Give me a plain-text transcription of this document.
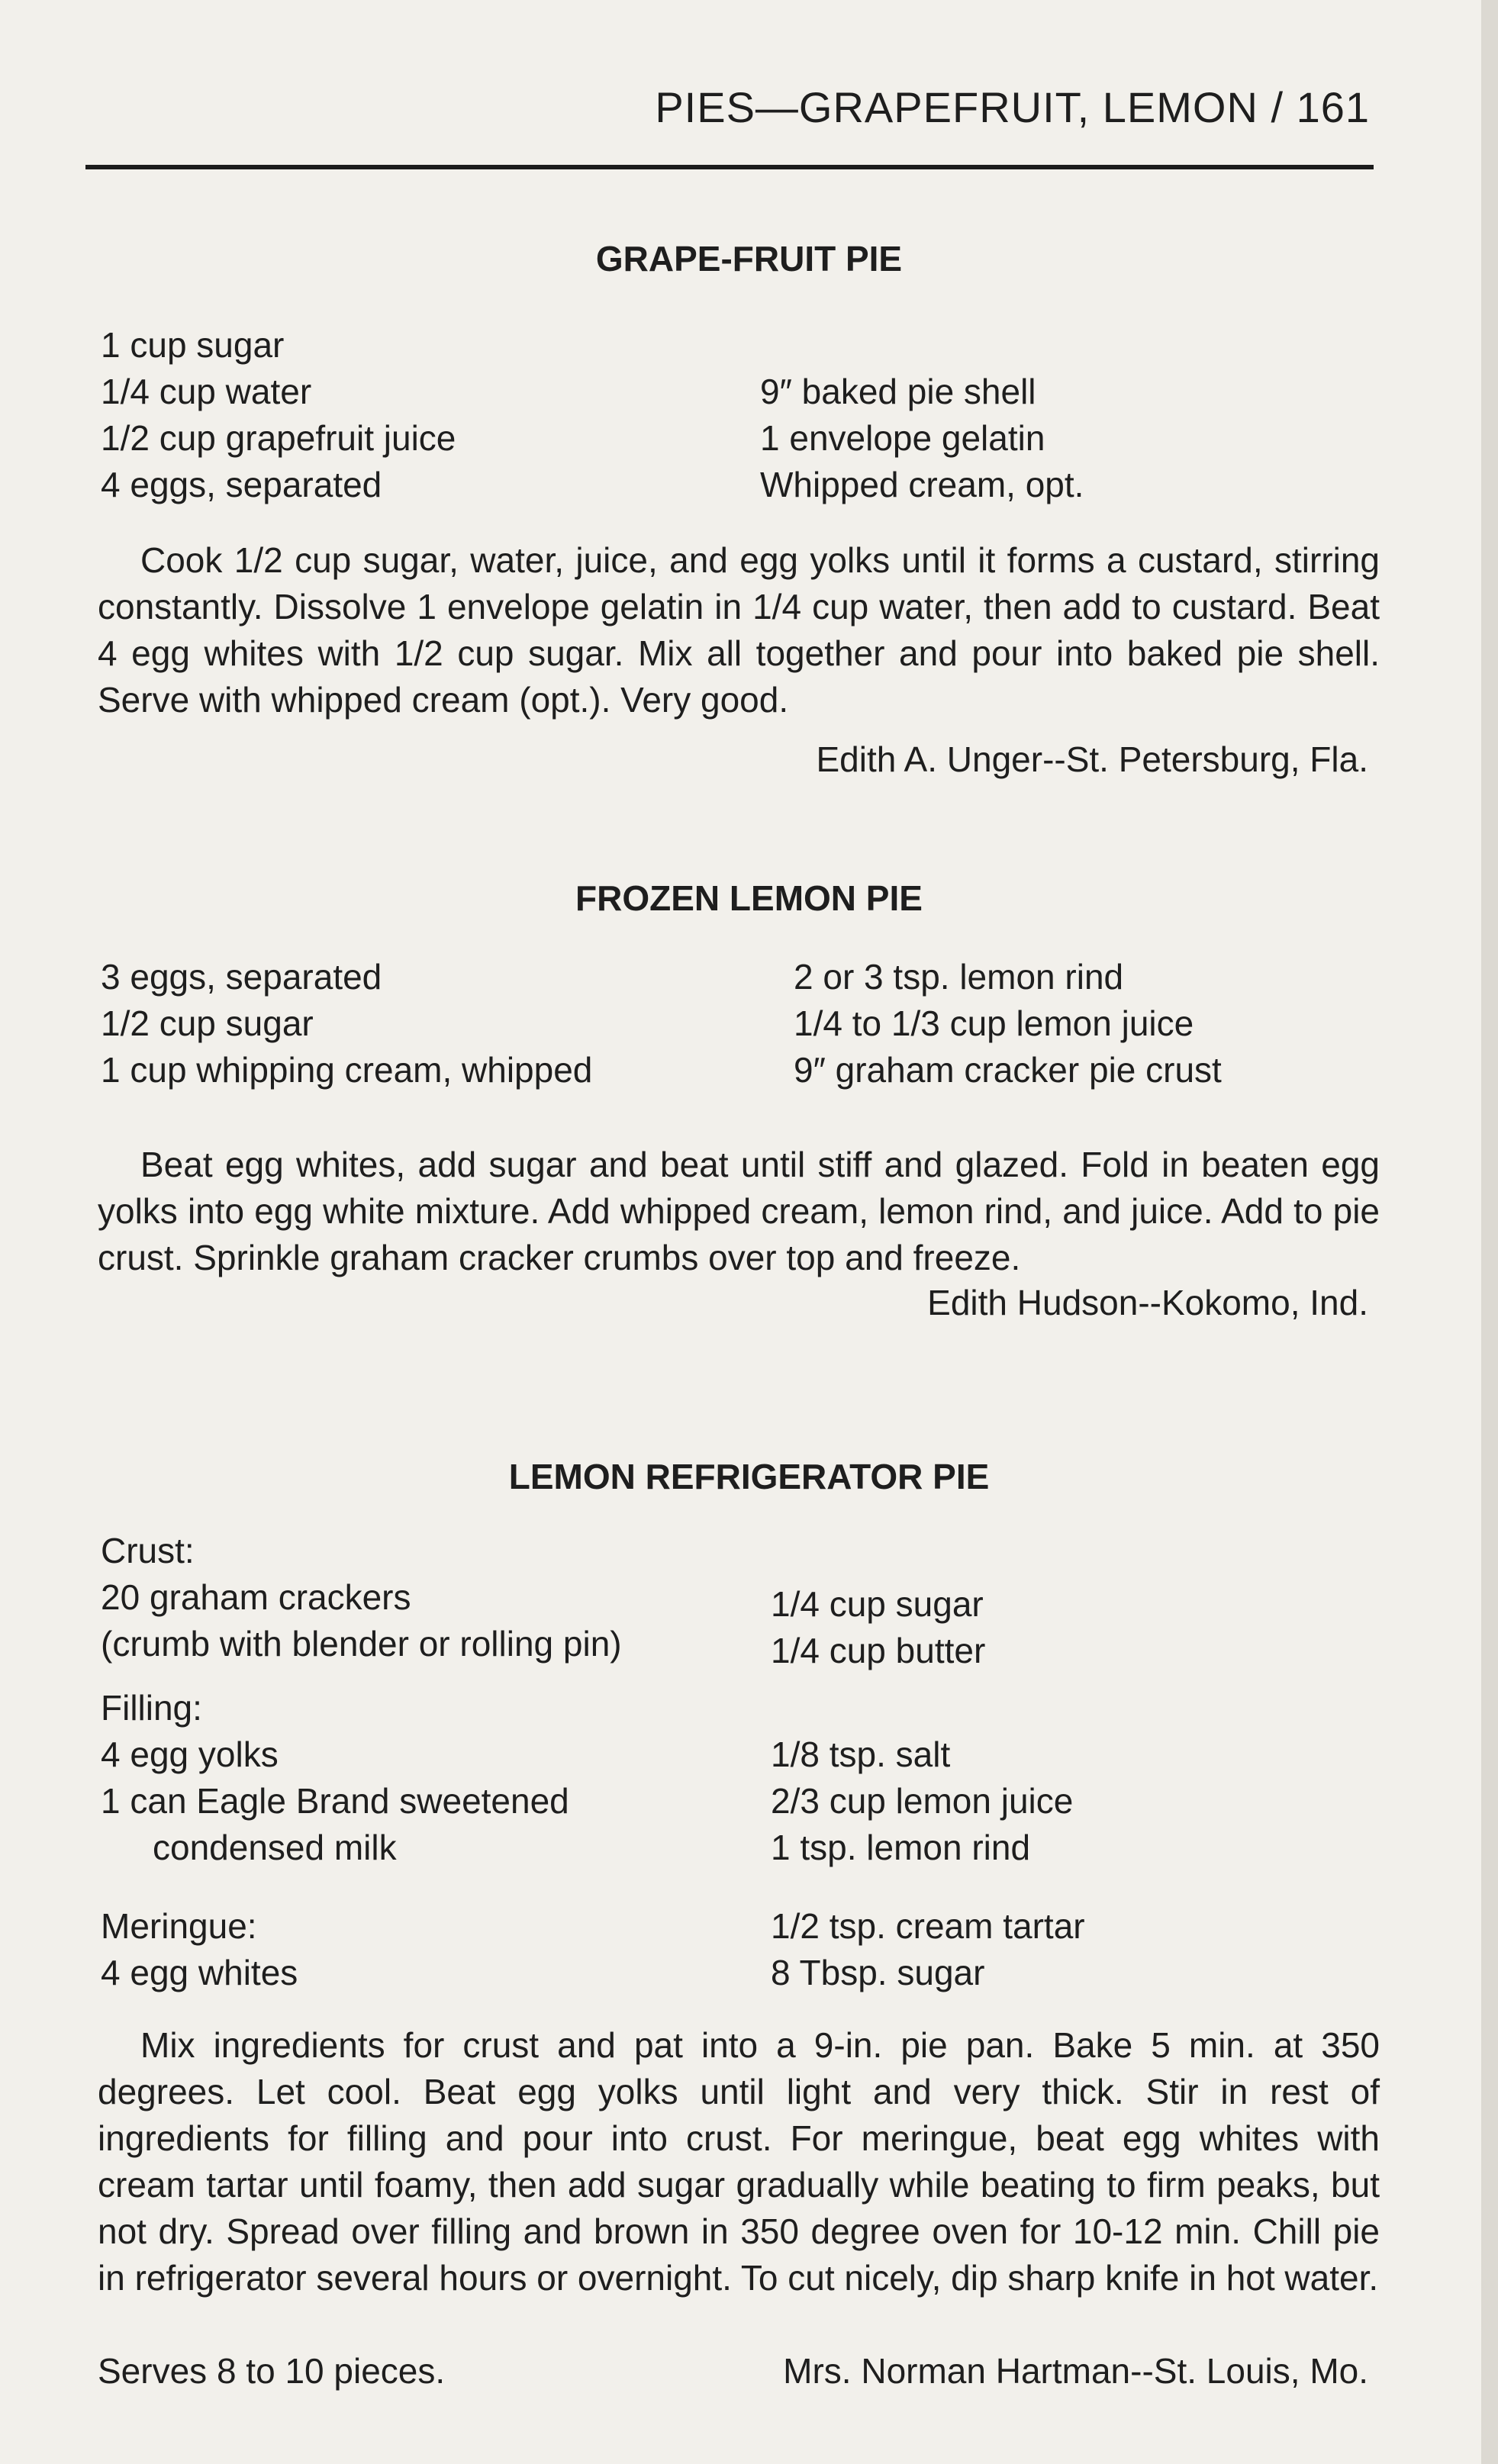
PIES—GRAPEFRUIT, LEMON / 161
GRAPE-FRUIT PIE
1 cup sugar
1/4 cup water
1/2 cup grapefruit juice
4 eggs, separated
9″ baked pie shell
1 envelope gelatin
Whipped cream, opt.
Cook 1/2 cup sugar, water, juice, and egg yolks until it forms a custard, stirring constantly. Dissolve 1 envelope gelatin in 1/4 cup water, then add to custard. Beat 4 egg whites with 1/2 cup sugar. Mix all together and pour into baked pie shell. Serve with whipped cream (opt.). Very good.
Edith A. Unger--St. Petersburg, Fla.
FROZEN LEMON PIE
3 eggs, separated
1/2 cup sugar
1 cup whipping cream, whipped
2 or 3 tsp. lemon rind
1/4 to 1/3 cup lemon juice
9″ graham cracker pie crust
Beat egg whites, add sugar and beat until stiff and glazed. Fold in beaten egg yolks into egg white mixture. Add whipped cream, lemon rind, and juice. Add to pie crust. Sprinkle graham cracker crumbs over top and freeze.
Edith Hudson--Kokomo, Ind.
LEMON REFRIGERATOR PIE
Crust:
20 graham crackers
(crumb with blender or rolling pin)
1/4 cup sugar
1/4 cup butter
Filling:
4 egg yolks
1 can Eagle Brand sweetened
condensed milk
1/8 tsp. salt
2/3 cup lemon juice
1 tsp. lemon rind
Meringue:
4 egg whites
1/2 tsp. cream tartar
8 Tbsp. sugar
Mix ingredients for crust and pat into a 9-in. pie pan. Bake 5 min. at 350 degrees. Let cool. Beat egg yolks until light and very thick. Stir in rest of ingredients for filling and pour into crust. For meringue, beat egg whites with cream tartar until foamy, then add sugar gradually while beating to firm peaks, but not dry. Spread over filling and brown in 350 degree oven for 10-12 min. Chill pie in refrigerator several hours or overnight. To cut nicely, dip sharp knife in hot water.
Serves 8 to 10 pieces.	Mrs. Norman Hartman--St. Louis, Mo.
